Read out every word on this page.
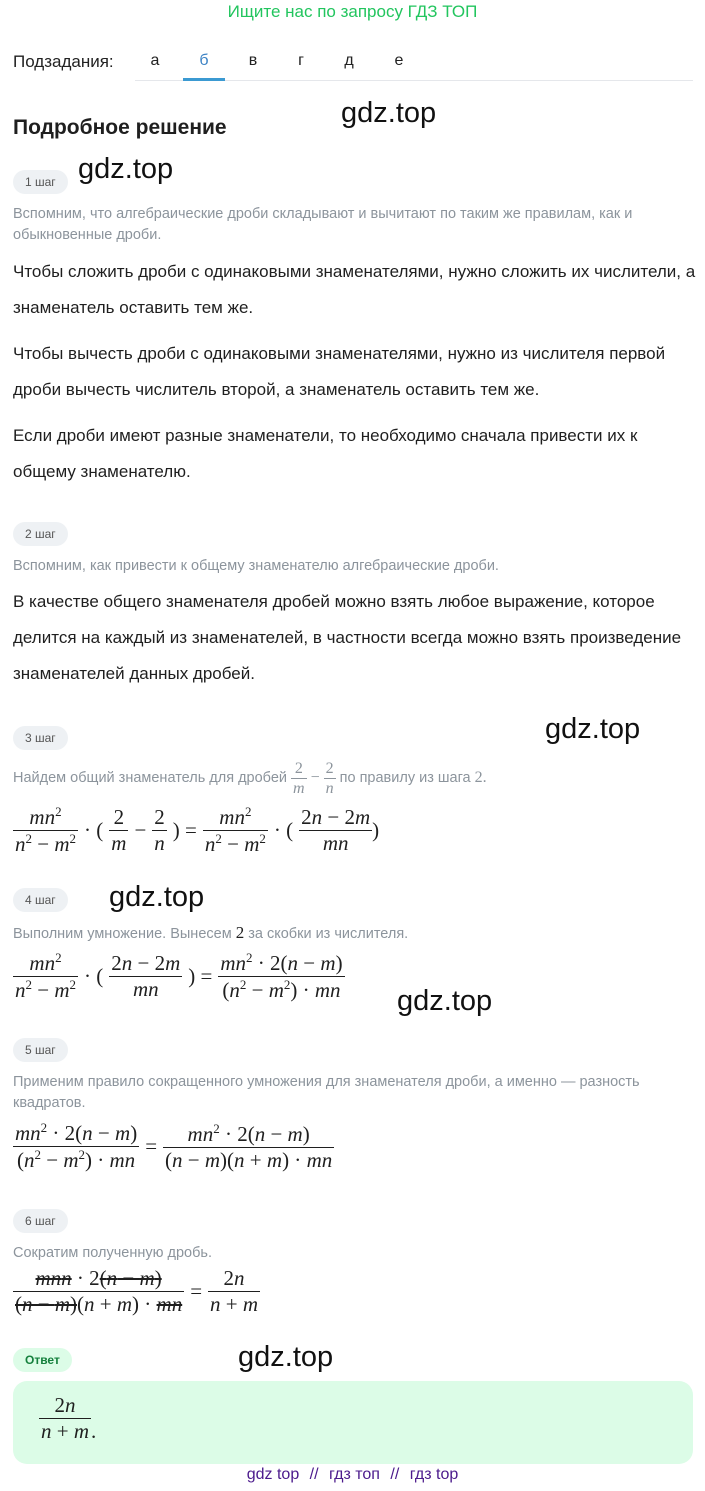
Ищите нас по запросу ГДЗ ТОП
Подзадания:	а	б	в	г	д	е
Подробное решение	gdz.top
gdz.top
gdz.top
gdz.top
gdz.top
gdz.top
1 шаг
Вспомним, что алгебраические дроби складывают и вычитают по таким же правилам, как и обыкновенные дроби.
Чтобы сложить дроби с одинаковыми знаменателями, нужно сложить их числители, а знаменатель оставить тем же.
Чтобы вычесть дроби с одинаковыми знаменателями, нужно из числителя первой дроби вычесть числитель второй, а знаменатель оставить тем же.
Если дроби имеют разные знаменатели, то необходимо сначала привести их к общему знаменателю.
2 шаг
Вспомним, как привести к общему знаменателю алгебраические дроби.
В качестве общего знаменателя дробей можно взять любое выражение, которое делится на каждый из знаменателей, в частности всегда можно взять произведение знаменателей данных дробей.
3 шаг
Найдем общий знаменатель для дробей $\frac{2}{m} - \frac{2}{n}$ по правилу из шага 2.
$\frac{mn^2}{n^2 - m^2}$ · ( $\frac{2}{m} - \frac{2}{n}$ ) = $\frac{mn^2}{n^2 - m^2}$ · ( $\frac{2n - 2m}{mn}$ )
4 шаг
Выполним умножение. Вынесем 2 за скобки из числителя.
$\frac{mn^2}{n^2 - m^2}$ · ( $\frac{2n - 2m}{mn}$ ) = $\frac{mn^2 \cdot 2(n - m)}{(n^2 - m^2) \cdot mn}$
5 шаг
Применим правило сокращенного умножения для знаменателя дроби, а именно — разность квадратов.
$\frac{mn^2 \cdot 2(n - m)}{(n^2 - m^2) \cdot mn} = \frac{mn^2 \cdot 2(n - m)}{(n - m)(n + m) \cdot mn}$
6 шаг
Сократим полученную дробь.
$\frac{\text{mnn · 2(n − m)}}{(n - m)(n + m) \cdot mn} = \frac{2n}{n + m}$
Ответ
$\frac{2n}{n + m}$ .
gdz top // гдз топ // гдз top
